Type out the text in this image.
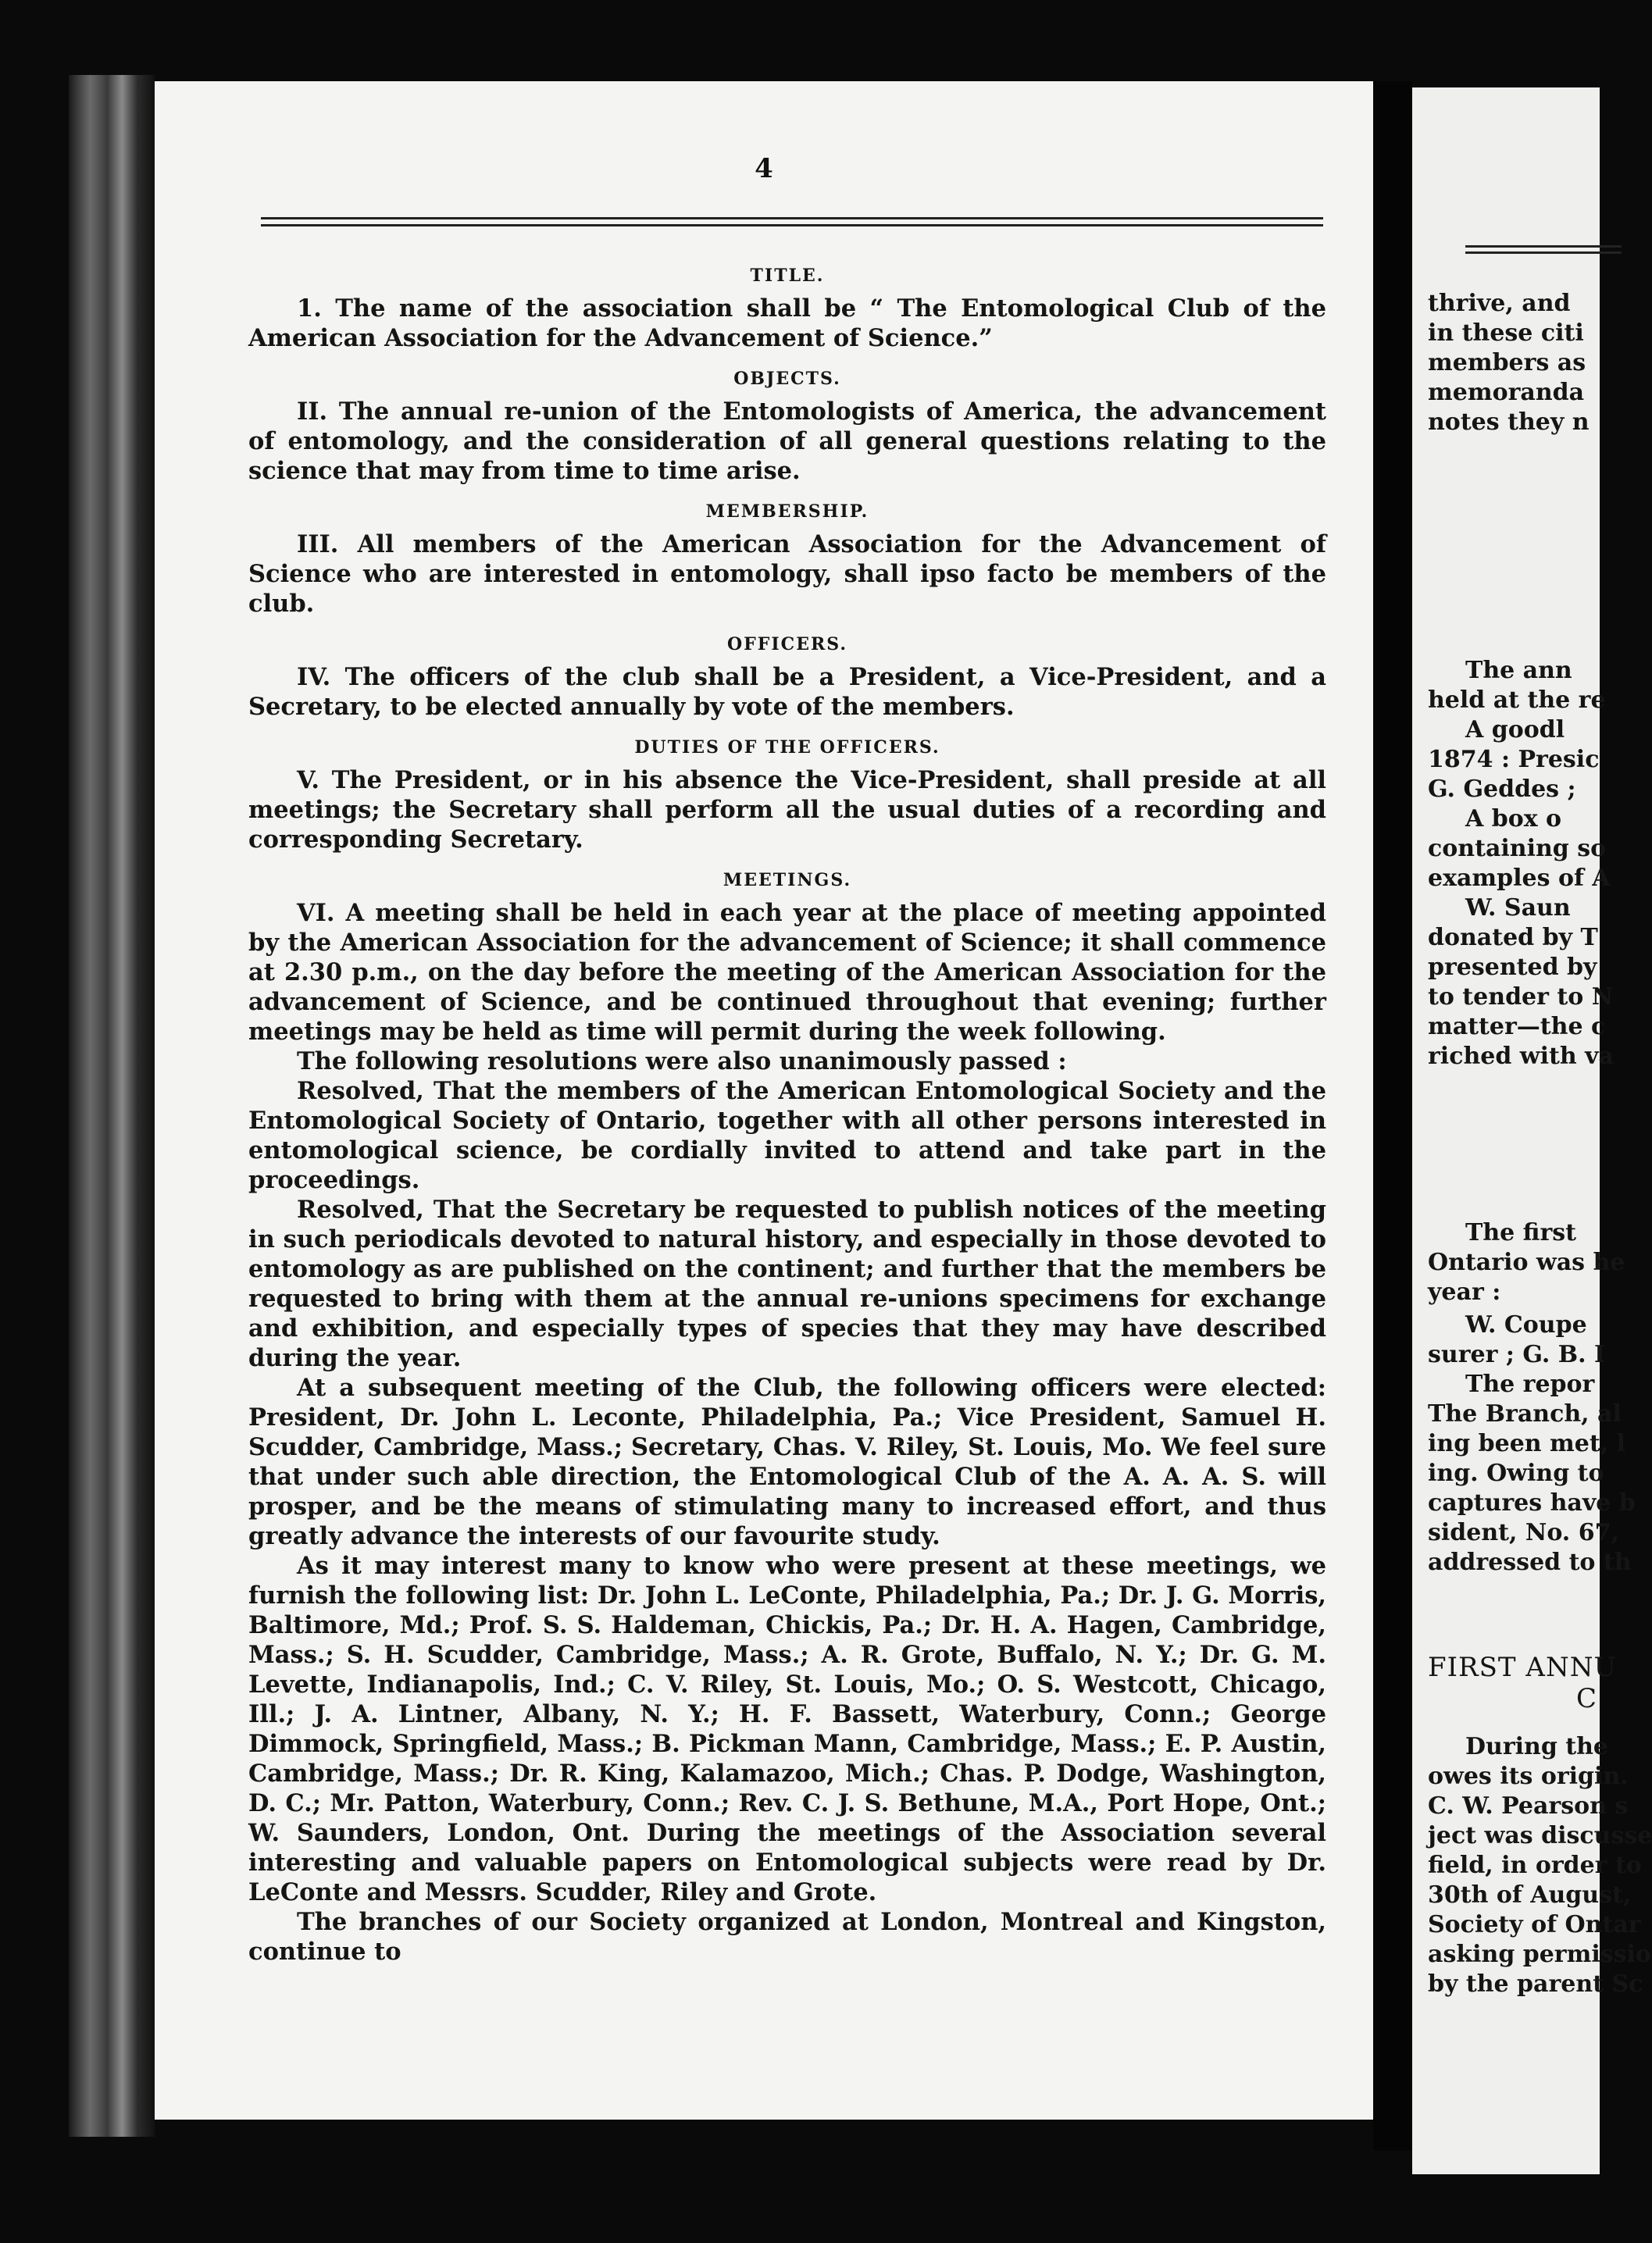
4

TITLE.

1. The name of the association shall be “ The Entomological Club of the American Association for the Advancement of Science.”

OBJECTS.

II. The annual re-union of the Entomologists of America, the advancement of entomology, and the consideration of all general questions relating to the science that may from time to time arise.

MEMBERSHIP.

III. All members of the American Association for the Advancement of Science who are interested in entomology, shall ipso facto be members of the club.

OFFICERS.

IV. The officers of the club shall be a President, a Vice-President, and a Secretary, to be elected annually by vote of the members.

DUTIES OF THE OFFICERS.

V. The President, or in his absence the Vice-President, shall preside at all meetings; the Secretary shall perform all the usual duties of a recording and corresponding Secretary.

MEETINGS.

VI. A meeting shall be held in each year at the place of meeting appointed by the American Association for the advancement of Science; it shall commence at 2.30 p.m., on the day before the meeting of the American Association for the advancement of Science, and be continued throughout that evening; further meetings may be held as time will permit during the week following.

The following resolutions were also unanimously passed :

Resolved, That the members of the American Entomological Society and the Entomological Society of Ontario, together with all other persons interested in entomological science, be cordially invited to attend and take part in the proceedings.

Resolved, That the Secretary be requested to publish notices of the meeting in such periodicals devoted to natural history, and especially in those devoted to entomology as are published on the continent; and further that the members be requested to bring with them at the annual re-unions specimens for exchange and exhibition, and especially types of species that they may have described during the year.

At a subsequent meeting of the Club, the following officers were elected: President, Dr. John L. Leconte, Philadelphia, Pa.; Vice President, Samuel H. Scudder, Cambridge, Mass.; Secretary, Chas. V. Riley, St. Louis, Mo. We feel sure that under such able direction, the Entomological Club of the A. A. A. S. will prosper, and be the means of stimulating many to increased effort, and thus greatly advance the interests of our favourite study.

As it may interest many to know who were present at these meetings, we furnish the following list: Dr. John L. LeConte, Philadelphia, Pa.; Dr. J. G. Morris, Baltimore, Md.; Prof. S. S. Haldeman, Chickis, Pa.; Dr. H. A. Hagen, Cambridge, Mass.; S. H. Scudder, Cambridge, Mass.; A. R. Grote, Buffalo, N. Y.; Dr. G. M. Levette, Indianapolis, Ind.; C. V. Riley, St. Louis, Mo.; O. S. Westcott, Chicago, Ill.; J. A. Lintner, Albany, N. Y.; H. F. Bassett, Waterbury, Conn.; George Dimmock, Springfield, Mass.; B. Pickman Mann, Cambridge, Mass.; E. P. Austin, Cambridge, Mass.; Dr. R. King, Kalamazoo, Mich.; Chas. P. Dodge, Washington, D. C.; Mr. Patton, Waterbury, Conn.; Rev. C. J. S. Bethune, M.A., Port Hope, Ont.; W. Saunders, London, Ont. During the meetings of the Association several interesting and valuable papers on Entomological subjects were read by Dr. LeConte and Messrs. Scudder, Riley and Grote.

The branches of our Society organized at London, Montreal and Kingston, continue to

thrive, and

in these citi

members as

memoranda

notes they n

The ann

held at the re

A goodl

1874 : Presic

G. Geddes ;

A box o

containing so

examples of A

W. Saun

donated by T

presented by

to tender to N

matter—the c

riched with va

The first

Ontario was he

year :

W. Coupe

surer ; G. B. I

The repor

The Branch, al

ing been met, l

ing. Owing to

captures have b

sident, No. 67,

addressed to th

FIRST ANNU

C

During the

owes its origin.

C. W. Pearson s

ject was discusse

field, in order to

30th of August,

Society of Ontar

asking permissio

by the parent Sc
